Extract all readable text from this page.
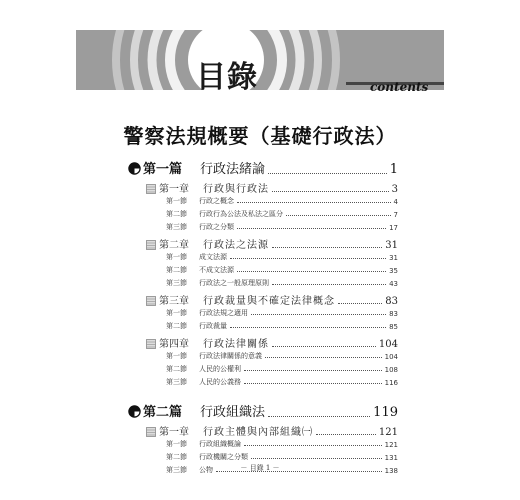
目錄	contents
警察法規概要（基礎行政法）
第一篇 行政法緒論	1
第一章 行政與行政法	3
第一節 行政之概念	4
第二節 行政行為公法及私法之區分	7
第三節 行政之分類	17
第二章 行政法之法源	31
第一節 成文法源	31
第二節 不成文法源	35
第三節 行政法之一般原理原則	43
第三章 行政裁量與不確定法律概念	83
第一節 行政法規之適用	83
第二節 行政裁量	85
第四章 行政法律關係	104
第一節 行政法律關係的意義	104
第二節 人民的公權利	108
第三節 人民的公義務	116
第二篇 行政組織法	119
第一章 行政主體與內部組織㈠	121
第一節 行政組織概論	121
第二節 行政機關之分類	131
第三節 公物	138
－ 目錄 1 －
